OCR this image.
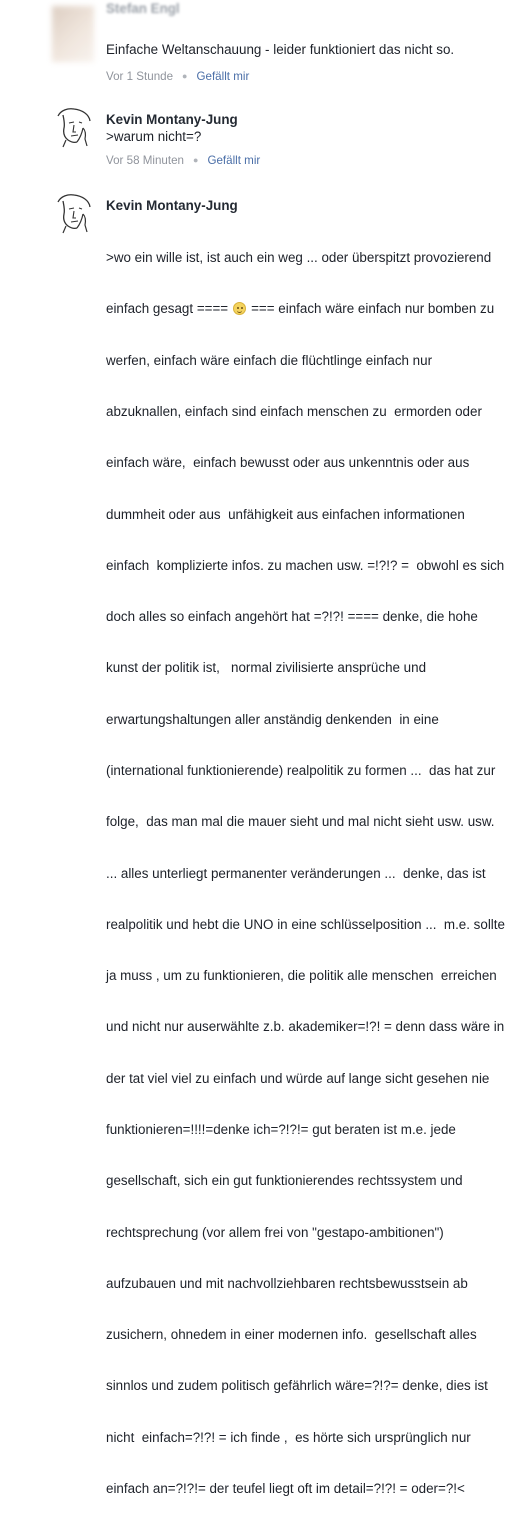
Stefan Engl
Einfache Weltanschauung - leider funktioniert das nicht so.
Vor 1 Stunde ● Gefällt mir
Kevin Montany-Jung
>warum nicht=?
Vor 58 Minuten ● Gefällt mir
Kevin Montany-Jung

>wo ein wille ist, ist auch ein weg ... oder überspitzt provozierend

einfach gesagt ==== === einfach wäre einfach nur bomben zu

werfen, einfach wäre einfach die flüchtlinge einfach nur

abzuknallen, einfach sind einfach menschen zu  ermorden oder

einfach wäre,  einfach bewusst oder aus unkenntnis oder aus

dummheit oder aus  unfähigkeit aus einfachen informationen

einfach  komplizierte infos. zu machen usw. =!?!? =  obwohl es sich

doch alles so einfach angehört hat =?!?! ==== denke, die hohe

kunst der politik ist,   normal zivilisierte ansprüche und

erwartungshaltungen aller anständig denkenden  in eine

(international funktionierende) realpolitik zu formen ...  das hat zur

folge,  das man mal die mauer sieht und mal nicht sieht usw. usw.

... alles unterliegt permanenter veränderungen ...  denke, das ist

realpolitik und hebt die UNO in eine schlüsselposition ...  m.e. sollte

ja muss , um zu funktionieren, die politik alle menschen  erreichen

und nicht nur auserwählte z.b. akademiker=!?! = denn dass wäre in

der tat viel viel zu einfach und würde auf lange sicht gesehen nie

funktionieren=!!!!=denke ich=?!?!= gut beraten ist m.e. jede

gesellschaft, sich ein gut funktionierendes rechtssystem und

rechtsprechung (vor allem frei von "gestapo-ambitionen")

aufzubauen und mit nachvollziehbaren rechtsbewusstsein ab

zusichern, ohnedem in einer modernen info.  gesellschaft alles

sinnlos und zudem politisch gefährlich wäre=?!?= denke, dies ist

nicht  einfach=?!?! = ich finde ,  es hörte sich ursprünglich nur

einfach an=?!?!= der teufel liegt oft im detail=?!?! = oder=?!<
